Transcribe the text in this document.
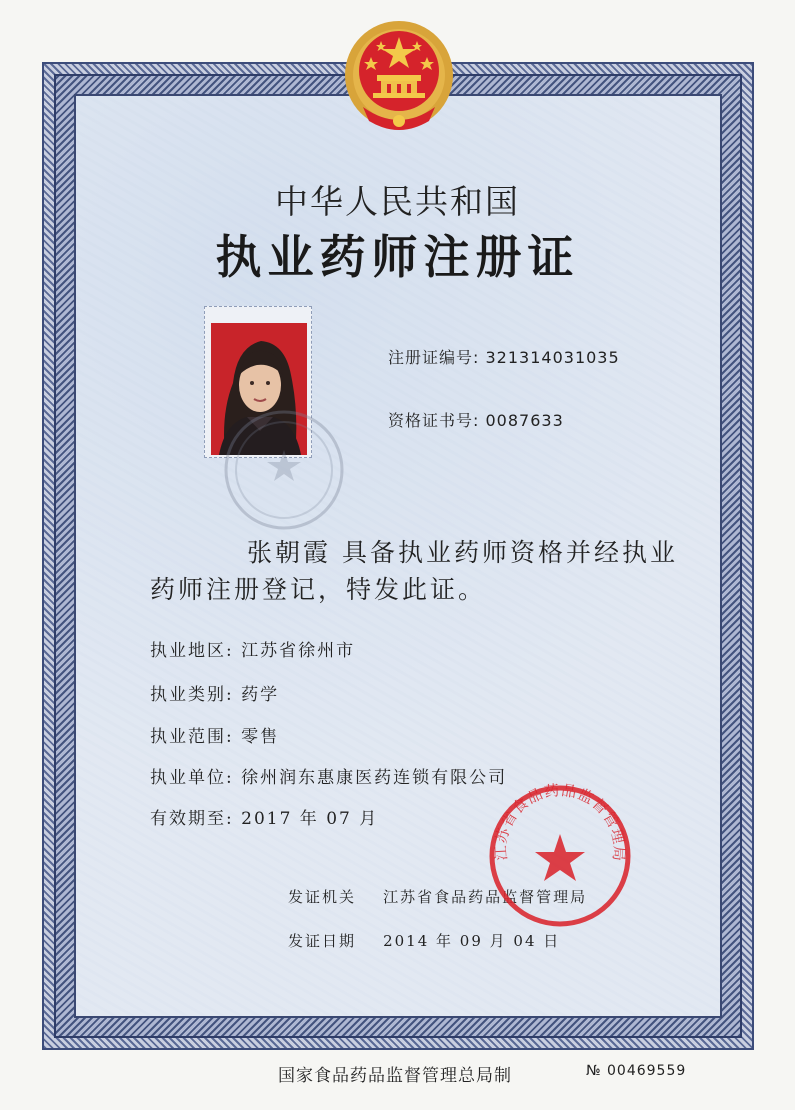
中华人民共和国
执业药师注册证
注册证编号: 321314031035
资格证书号: 0087633
张朝霞 具备执业药师资格并经执业
药师注册登记，特发此证。
执业地区: 江苏省徐州市
执业类别: 药学
执业范围: 零售
执业单位: 徐州润东惠康医药连锁有限公司
有效期至: 2017 年 07 月
发证机关 江苏省食品药品监督管理局
发证日期 2014 年 09 月 04 日
江苏省食品药品监督管理局
国家食品药品监督管理总局制	№ 00469559
